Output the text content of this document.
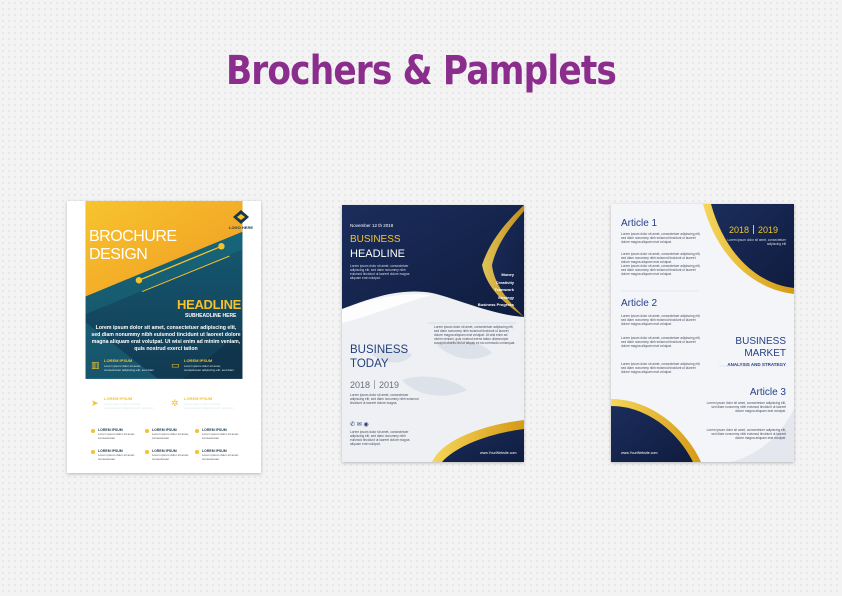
Brochers & Pamplets
BROCHURE
DESIGN
LOGO HERE
HEADLINE
SUBHEADLINE HERE
Lorem ipsum dolor sit amet, consectetuer adipiscing elit, sed diam nonummy nibh euismod tincidunt ut laoreet dolore magna aliquam erat volutpat. Ut wisi enim ad minim veniam, quis nostrud exerci tation
▥ LOREM IPSUM
Lorem ipsum dolor sit amet, consectetuer adipiscing elit, sed diam	▭ LOREM IPSUM
Lorem ipsum dolor sit amet, consectetuer adipiscing elit, sed diam
➤ LOREM IPSUM
Lorem ipsum dolor sit amet, consectetuer adipiscing elit, sed diam	✲ LOREM IPSUM
Lorem ipsum dolor sit amet, consectetuer adipiscing elit, sed diam
LOREM IPSUM
Lorem ipsum dolor sit amet, consectetuer
LOREM IPSUM
Lorem ipsum dolor sit amet, consectetuer
LOREM IPSUM
Lorem ipsum dolor sit amet, consectetuer
LOREM IPSUM
Lorem ipsum dolor sit amet, consectetuer
LOREM IPSUM
Lorem ipsum dolor sit amet, consectetuer
LOREM IPSUM
Lorem ipsum dolor sit amet, consectetuer
November 12 th 2018
BUSINESS
HEADLINE
Lorem ipsum dolor sit amet, consectetuer adipiscing elit, sed diam nonummy nibh euismod tincidunt ut laoreet dolore magna aliquam erat volutpat.
Money
Creativity
Teamwork
Strategy
Business Progress
Lorem ipsum dolor sit amet, consectetuer adipiscing elit, sed diam nonummy nibh euismod tincidunt ut laoreet dolore magna aliquam erat volutpat. Ut wisi enim ad minim veniam, quis nostrud exerci tation ullamcorper suscipit lobortis nisl ut aliquip ex ea commodo consequat.
BUSINESS
TODAY
2018 2019
Lorem ipsum dolor sit amet, consectetuer adipiscing elit, sed diam nonummy nibh euismod tincidunt ut laoreet dolore magna.
✆ ✉ ◉
Lorem ipsum dolor sit amet, consectetuer adipiscing elit, sed diam nonummy nibh euismod tincidunt ut laoreet dolore magna aliquam erat volutpat.
www.YourWebsite.com
Article 1
Lorem ipsum dolor sit amet, consectetuer adipiscing elit, sed diam nonummy nibh euismod tincidunt ut laoreet dolore magna aliquam erat volutpat.
Lorem ipsum dolor sit amet, consectetuer adipiscing elit, sed diam nonummy nibh euismod tincidunt ut laoreet dolore magna aliquam erat volutpat.
Lorem ipsum dolor sit amet, consectetuer adipiscing elit, sed diam nonummy nibh euismod tincidunt ut laoreet dolore magna aliquam erat volutpat.
Article 2
Lorem ipsum dolor sit amet, consectetuer adipiscing elit, sed diam nonummy nibh euismod tincidunt ut laoreet dolore magna aliquam erat volutpat.
Lorem ipsum dolor sit amet, consectetuer adipiscing elit, sed diam nonummy nibh euismod tincidunt ut laoreet dolore magna aliquam erat volutpat.
Lorem ipsum dolor sit amet, consectetuer adipiscing elit, sed diam nonummy nibh euismod tincidunt ut laoreet dolore magna aliquam erat volutpat.
2018 2019
Lorem ipsum dolor sit amet, consectetuer adipiscing elit
BUSINESS
MARKET
ANALYSIS AND STRATEGY
Article 3
Lorem ipsum dolor sit amet, consectetuer adipiscing elit, sed diam nonummy nibh euismod tincidunt ut laoreet dolore magna aliquam erat volutpat.
Lorem ipsum dolor sit amet, consectetuer adipiscing elit, sed diam nonummy nibh euismod tincidunt ut laoreet dolore magna aliquam erat volutpat.
www.YourWebsite.com
